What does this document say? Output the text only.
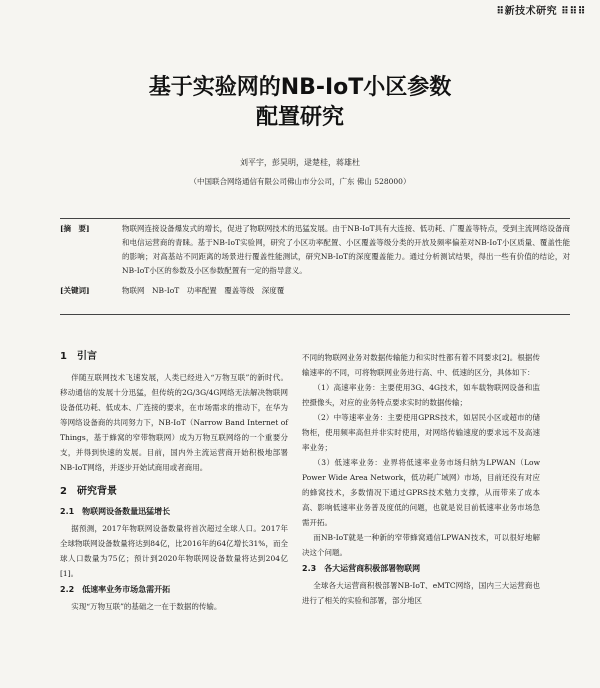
⠿新技术研究 ⠿⠿⠿
基于实验网的NB-IoT小区参数
配置研究
刘平宇，彭昊明，逯楚桂，蒋雄杜
（中国联合网络通信有限公司佛山市分公司，广东 佛山 528000）
[摘　要]	物联网连接设备爆发式的增长，促进了物联网技术的迅猛发展。由于NB-IoT具有大连接、低功耗、广覆盖等特点，受到主流网络设备商和电信运营商的青睐。基于NB-IoT实验网，研究了小区功率配置、小区覆盖等级分类的开放及频率偏差对NB-IoT小区质量、覆盖性能的影响；对高基站不同距离的场景进行覆盖性能测试，研究NB-IoT的深度覆盖能力。通过分析测试结果，得出一些有价值的结论，对NB-IoT小区的参数及小区参数配置有一定的指导意义。
[关键词]	物联网　NB-IoT　功率配置　覆盖等级　深度覆
1　引言

伴随互联网技术飞速发展，人类已经进入“万物互联”的新时代。移动通信的发展十分迅猛，但传统的2G/3G/4G网络无法解决物联网设备低功耗、低成本、广连接的要求，在市场需求的推动下，在华为等网络设备商的共同努力下，NB-IoT（Narrow Band Internet of Things，基于蜂窝的窄带物联网）成为万物互联网络的一个重要分支，并得到快速的发展。目前，国内外主流运营商开始积极地部署NB-IoT网络，并逐步开始试商用或者商用。

2　研究背景
2.1　物联网设备数量迅猛增长

据预测，2017年物联网设备数量将首次超过全球人口。2017年全球物联网设备数量将达到84亿，比2016年的64亿增长31%，而全球人口数量为75亿；预计到2020年物联网设备数量将达到204亿[1]。

2.2　低速率业务市场急需开拓

实现“万物互联”的基础之一在于数据的传输。

不同的物联网业务对数据传输能力和实时性都有着不同要求[2]。根据传输速率的不同，可将物联网业务进行高、中、低速的区分，具体如下：

（1）高速率业务：主要使用3G、4G技术，如车载物联网设备和监控摄像头，对应的业务特点要求实时的数据传输；

（2）中等速率业务：主要使用GPRS技术，如居民小区或超市的储物柜，使用频率高但并非实时使用，对网络传输速度的要求远不及高速率业务；

（3）低速率业务：业界将低速率业务市场归纳为LPWAN（Low Power Wide Area Network，低功耗广域网）市场，目前还没有对应的蜂窝技术，多数情况下通过GPRS技术勉力支撑，从而带来了成本高、影响低速率业务普及度低的问题，也就是说目前低速率业务市场急需开拓。

而NB-IoT就是一种新的窄带蜂窝通信LPWAN技术，可以很好地解决这个问题。

2.3　各大运营商积极部署物联网

全球各大运营商积极部署NB-IoT、eMTC网络，国内三大运营商也进行了相关的实验和部署，部分地区
